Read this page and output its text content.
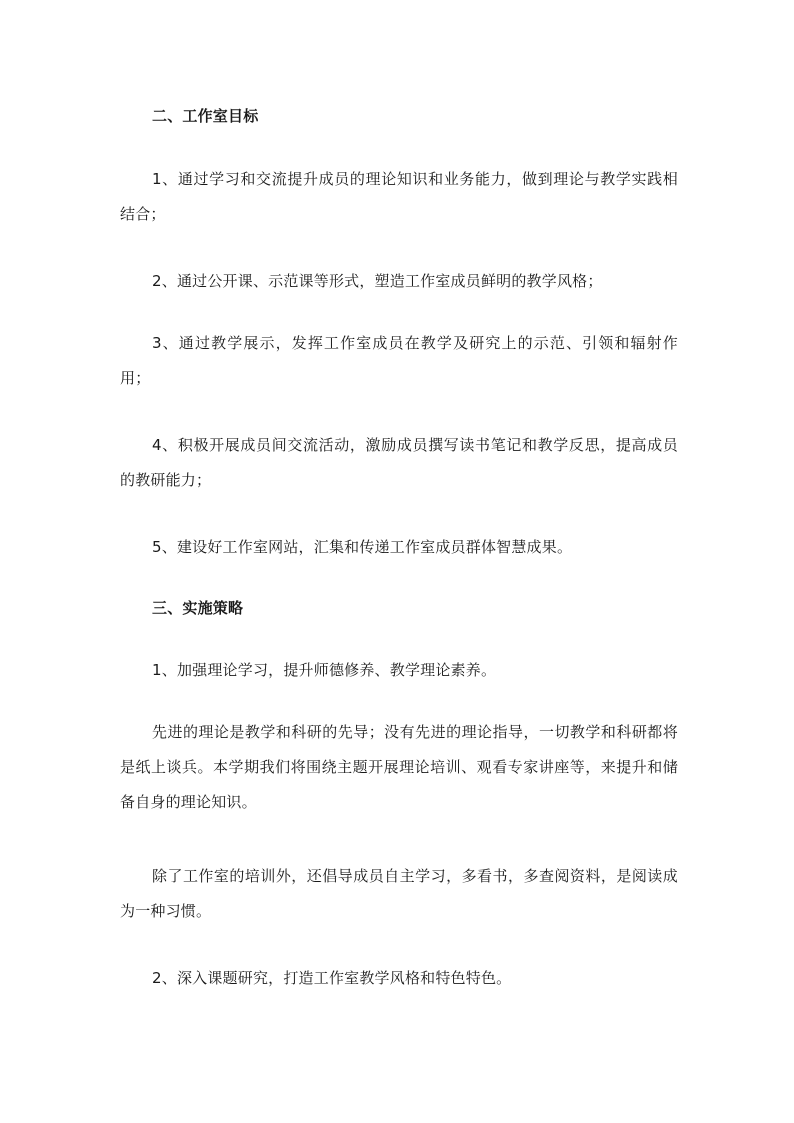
二、工作室目标

1、通过学习和交流提升成员的理论知识和业务能力，做到理论与教学实践相结合；

2、通过公开课、示范课等形式，塑造工作室成员鲜明的教学风格；

3、通过教学展示，发挥工作室成员在教学及研究上的示范、引领和辐射作用；

4、积极开展成员间交流活动，激励成员撰写读书笔记和教学反思，提高成员的教研能力；

5、建设好工作室网站，汇集和传递工作室成员群体智慧成果。

三、实施策略

1、加强理论学习，提升师德修养、教学理论素养。

先进的理论是教学和科研的先导；没有先进的理论指导，一切教学和科研都将是纸上谈兵。本学期我们将围绕主题开展理论培训、观看专家讲座等，来提升和储备自身的理论知识。

除了工作室的培训外，还倡导成员自主学习，多看书，多查阅资料，是阅读成为一种习惯。

2、深入课题研究，打造工作室教学风格和特色特色。
